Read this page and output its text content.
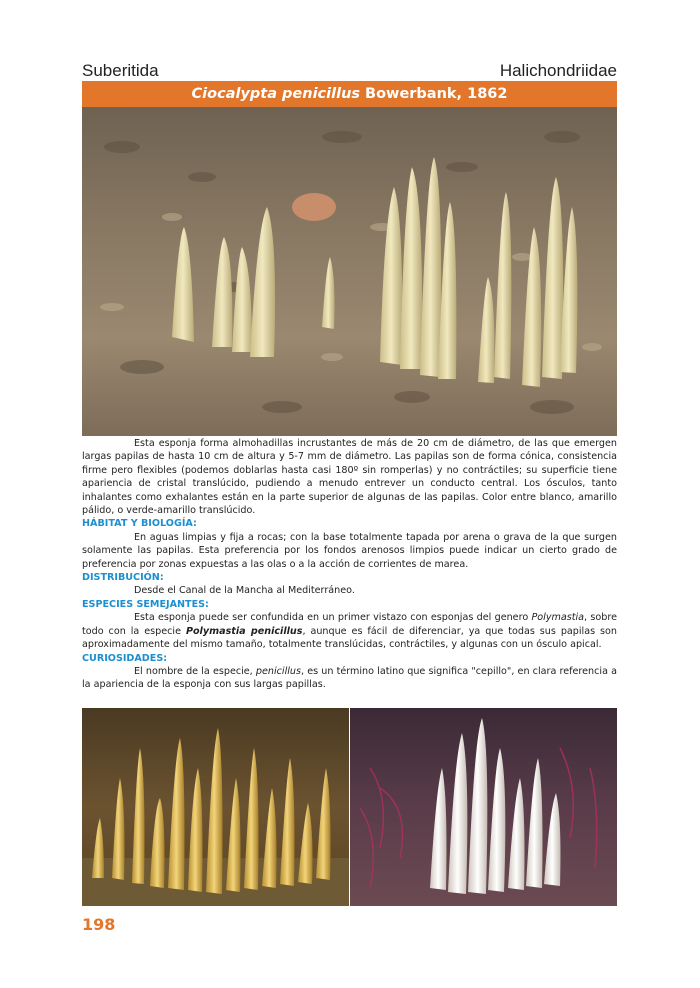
Suberitida	Halichondriidae
Ciocalypta penicillus Bowerbank, 1862

Esta esponja forma almohadillas incrustantes de más de 20 cm de diámetro, de las que emergen largas papilas de hasta 10 cm de altura y 5-7 mm de diámetro. Las papilas son de forma cónica, consistencia firme pero flexibles (podemos doblarlas hasta casi 180º sin romperlas) y no contráctiles; su superficie tiene apariencia de cristal translúcido, pudiendo a menudo entrever un conducto central. Los ósculos, tanto inhalantes como exhalantes están en la parte superior de algunas de las papilas. Color entre blanco, amarillo pálido, o verde-amarillo translúcido.

HÁBITAT Y BIOLOGÍA:

En aguas limpias y fija a rocas; con la base totalmente tapada por arena o grava de la que surgen solamente las papilas. Esta preferencia por los fondos arenosos limpios puede indicar un cierto grado de preferencia por zonas expuestas a las olas o a la acción de corrientes de marea.

DISTRIBUCIÓN:

Desde el Canal de la Mancha al Mediterráneo.

ESPECIES SEMEJANTES:

Esta esponja puede ser confundida en un primer vistazo con esponjas del genero Polymastia, sobre todo con la especie Polymastia penicillus, aunque es fácil de diferenciar, ya que todas sus papilas son aproximadamente del mismo tamaño, totalmente translúcidas, contráctiles, y algunas con un ósculo apical.

CURIOSIDADES:

El nombre de la especie, penicillus, es un término latino que significa "cepillo", en clara referencia a la apariencia de la esponja con sus largas papillas.

198
